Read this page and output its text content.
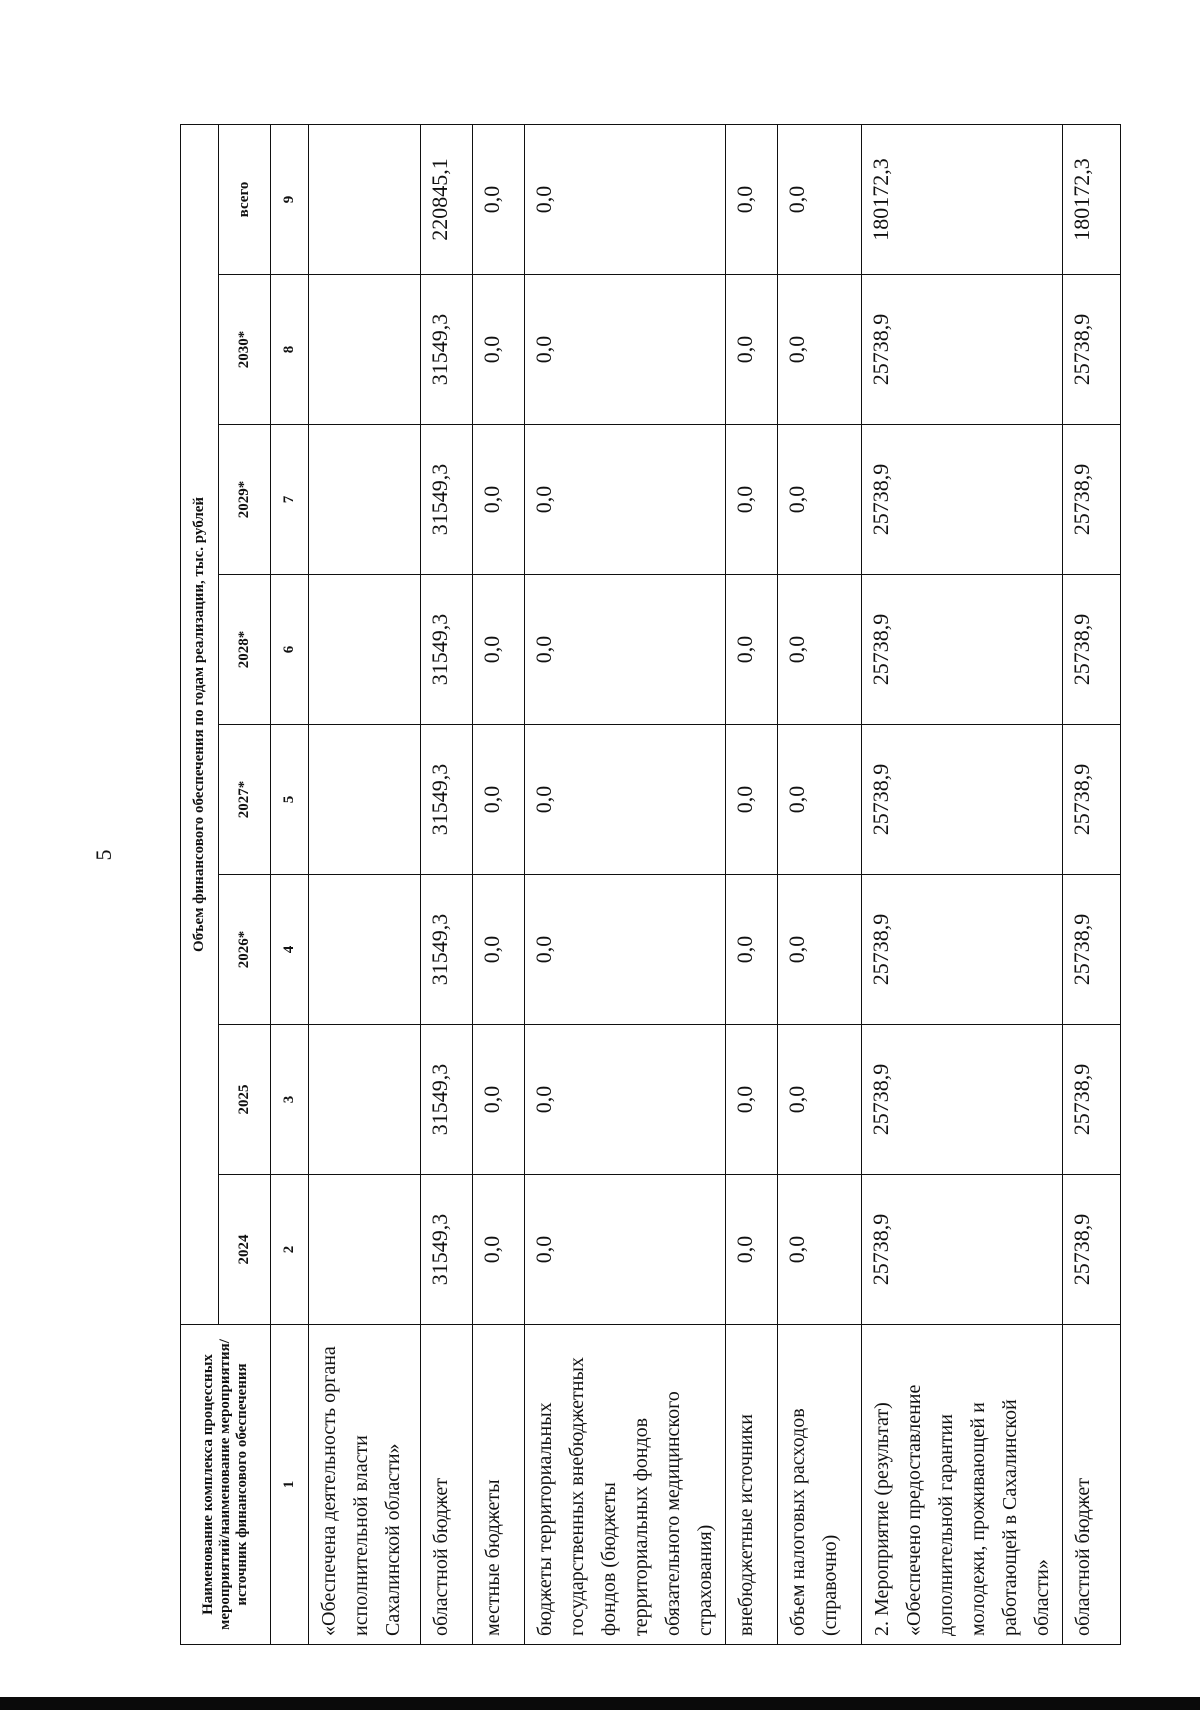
5
Наименование комплекса процессных мероприятий/наименование мероприятия/источник финансового обеспечения	Объем финансового обеспечения по годам реализации, тыс. рублей							
	2024	2025	2026*	2027*	2028*	2029*	2030*	всего
1	2	3	4	5	6	7	8	9
«Обеспечена деятельность органа исполнительной власти Сахалинской области»								
областной бюджет	31549,3	31549,3	31549,3	31549,3	31549,3	31549,3	31549,3	220845,1
местные бюджеты	0,0	0,0	0,0	0,0	0,0	0,0	0,0	0,0
бюджеты территориальных государственных внебюджетных фондов (бюджеты территориальных фондов обязательного медицинского страхования)	0,0	0,0	0,0	0,0	0,0	0,0	0,0	0,0
внебюджетные источники	0,0	0,0	0,0	0,0	0,0	0,0	0,0	0,0
объем налоговых расходов (справочно)	0,0	0,0	0,0	0,0	0,0	0,0	0,0	0,0
2. Мероприятие (результат) «Обеспечено предоставление дополнительной гарантии молодежи, проживающей и работающей в Сахалинской области»	25738,9	25738,9	25738,9	25738,9	25738,9	25738,9	25738,9	180172,3
областной бюджет	25738,9	25738,9	25738,9	25738,9	25738,9	25738,9	25738,9	180172,3
